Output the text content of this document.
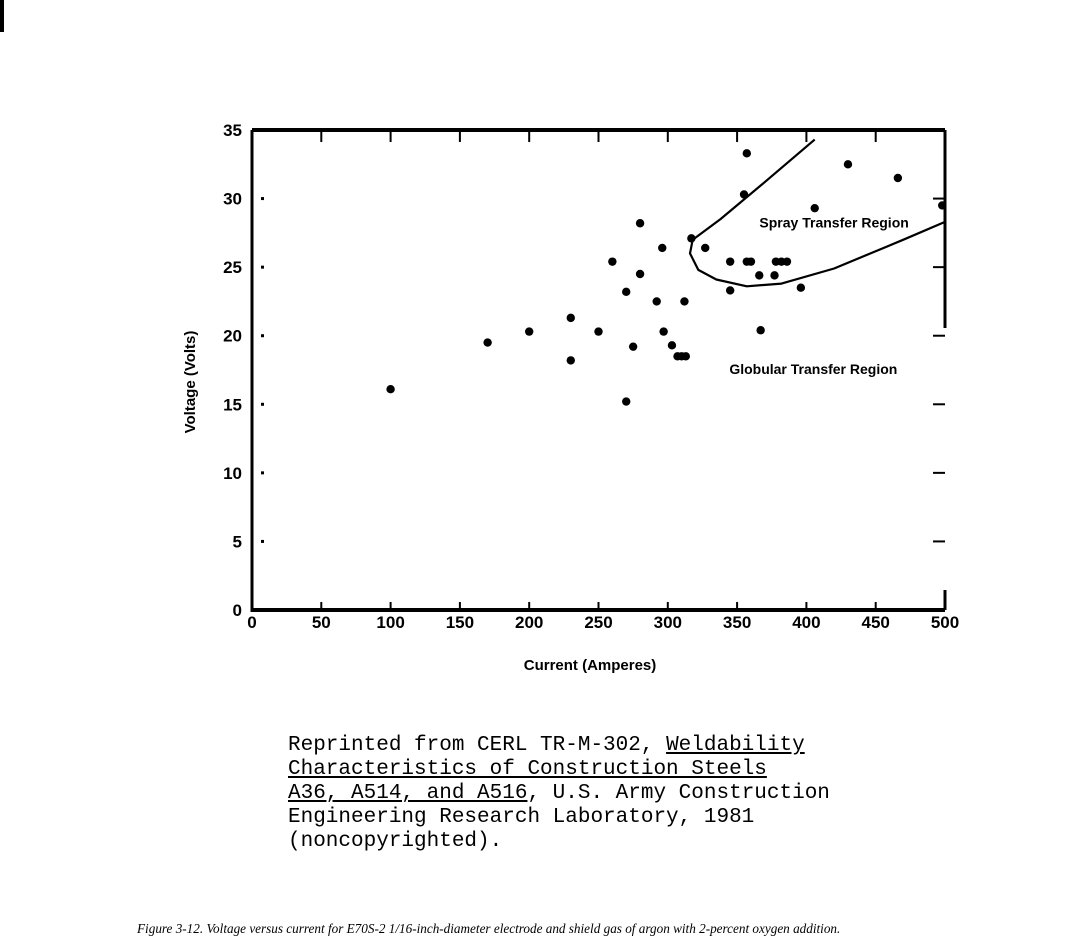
0	50	100 150 200 250 300 350 400 450 500
0
5
10
15
20
25
30
35
Spray Transfer Region
Globular Transfer Region
Current (Amperes)
Voltage (Volts)
Reprinted from CERL TR-M-302, Weldability
Characteristics of Construction Steels
A36, A514, and A516, U.S. Army Construction
Engineering Research Laboratory, 1981
(noncopyrighted).
Figure 3-12. Voltage versus current for E70S-2 1/16-inch-diameter electrode and shield gas of argon with 2-percent oxygen addition.
